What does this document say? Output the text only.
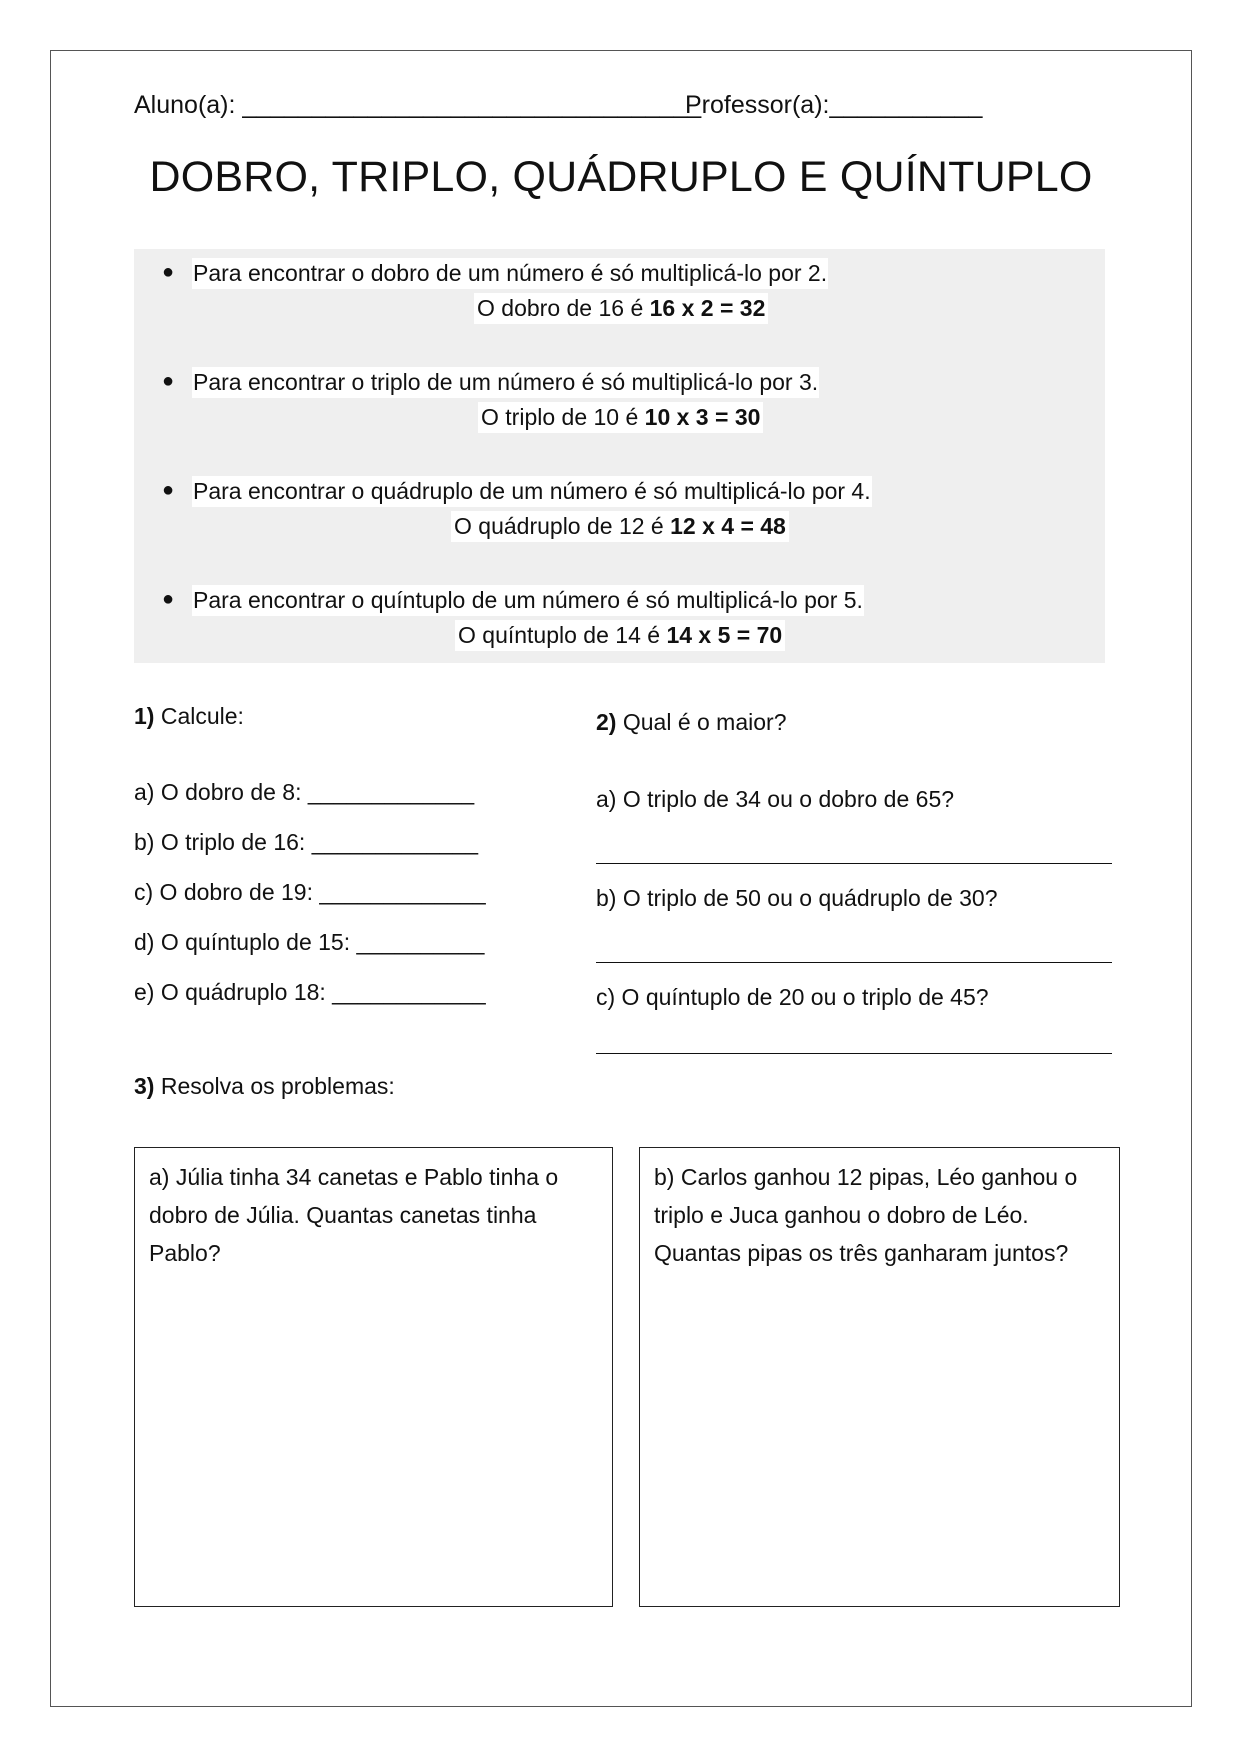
Aluno(a): _________________________________
Professor(a):___________
DOBRO, TRIPLO, QUÁDRUPLO E QUÍNTUPLO
● Para encontrar o dobro de um número é só multiplicá-lo por 2.
O dobro de 16 é 16 x 2 = 32
● Para encontrar o triplo de um número é só multiplicá-lo por 3.
O triplo de 10 é 10 x 3 = 30
● Para encontrar o quádruplo de um número é só multiplicá-lo por 4.
O quádruplo de 12 é 12 x 4 = 48
● Para encontrar o quíntuplo de um número é só multiplicá-lo por 5.
O quíntuplo de 14 é 14 x 5 = 70
1) Calcule:
a) O dobro de 8: _____________
b) O triplo de 16: _____________
c) O dobro de 19: _____________
d) O quíntuplo de 15: __________
e) O quádruplo 18: ____________
2) Qual é o maior?
a) O triplo de 34 ou o dobro de 65?
b) O triplo de 50 ou o quádruplo de 30?
c) O quíntuplo de 20 ou o triplo de 45?
3) Resolva os problemas:
a) Júlia tinha 34 canetas e Pablo tinha o dobro de Júlia. Quantas canetas tinha Pablo?
b) Carlos ganhou 12 pipas, Léo ganhou o triplo e Juca ganhou o dobro de Léo. Quantas pipas os três ganharam juntos?
